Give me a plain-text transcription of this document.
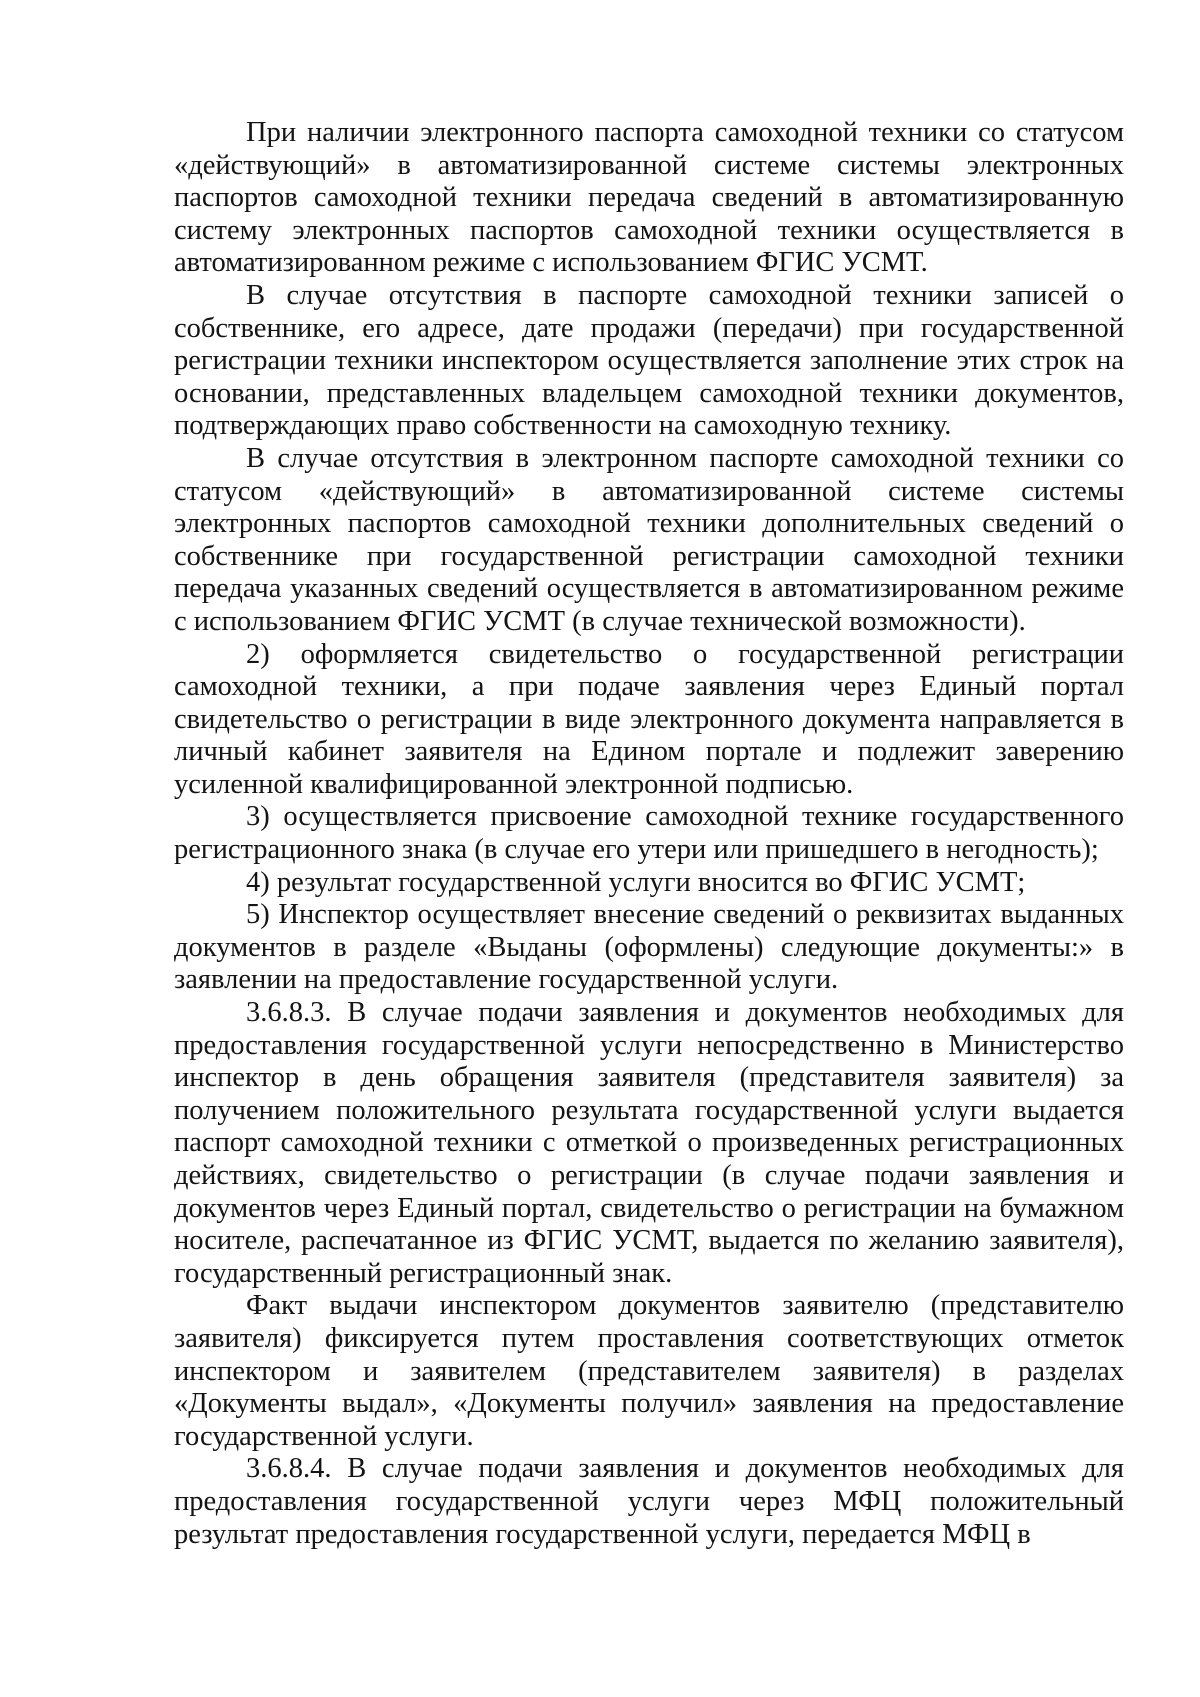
При наличии электронного паспорта самоходной техники со статусом «действующий» в автоматизированной системе системы электронных паспортов самоходной техники передача сведений в автоматизированную систему электронных паспортов самоходной техники осуществляется в автоматизированном режиме с использованием ФГИС УСМТ.

В случае отсутствия в паспорте самоходной техники записей о собственнике, его адресе, дате продажи (передачи) при государственной регистрации техники инспектором осуществляется заполнение этих строк на основании, представленных владельцем самоходной техники документов, подтверждающих право собственности на самоходную технику.

В случае отсутствия в электронном паспорте самоходной техники со статусом «действующий» в автоматизированной системе системы электронных паспортов самоходной техники дополнительных сведений о собственнике при государственной регистрации самоходной техники передача указанных сведений осуществляется в автоматизированном режиме с использованием ФГИС УСМТ (в случае технической возможности).

2) оформляется свидетельство о государственной регистрации самоходной техники, а при подаче заявления через Единый портал свидетельство о регистрации в виде электронного документа направляется в личный кабинет заявителя на Едином портале и подлежит заверению усиленной квалифицированной электронной подписью.

3) осуществляется присвоение самоходной технике государственного регистрационного знака (в случае его утери или пришедшего в негодность);

4) результат государственной услуги вносится во ФГИС УСМТ;

5) Инспектор осуществляет внесение сведений о реквизитах выданных документов в разделе «Выданы (оформлены) следующие документы:» в заявлении на предоставление государственной услуги.

3.6.8.3. В случае подачи заявления и документов необходимых для предоставления государственной услуги непосредственно в Министерство инспектор в день обращения заявителя (представителя заявителя) за получением положительного результата государственной услуги выдается паспорт самоходной техники с отметкой о произведенных регистрационных действиях, свидетельство о регистрации (в случае подачи заявления и документов через Единый портал, свидетельство о регистрации на бумажном носителе, распечатанное из ФГИС УСМТ, выдается по желанию заявителя), государственный регистрационный знак.

Факт выдачи инспектором документов заявителю (представителю заявителя) фиксируется путем проставления соответствующих отметок инспектором и заявителем (представителем заявителя) в разделах «Документы выдал», «Документы получил» заявления на предоставление государственной услуги.

3.6.8.4. В случае подачи заявления и документов необходимых для предоставления государственной услуги через МФЦ положительный результат предоставления государственной услуги, передается МФЦ в
